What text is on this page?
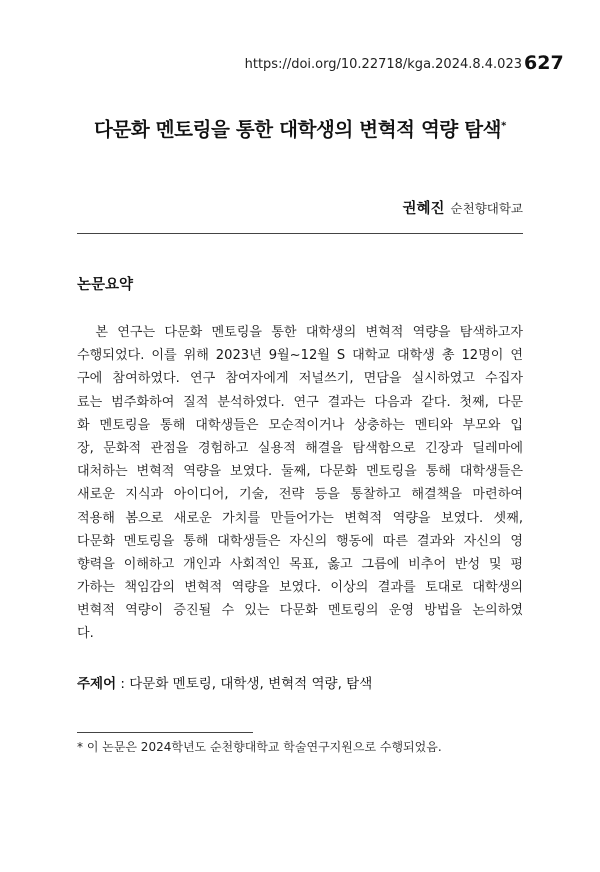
https://doi.org/10.22718/kga.2024.8.4.023 627
다문화 멘토링을 통한 대학생의 변혁적 역량 탐색*
권혜진 순천향대학교
논문요약
본 연구는 다문화 멘토링을 통한 대학생의 변혁적 역량을 탐색하고자
수행되었다. 이를 위해 2023년 9월~12월 S 대학교 대학생 총 12명이 연
구에 참여하였다. 연구 참여자에게 저널쓰기, 면담을 실시하였고 수집자
료는 범주화하여 질적 분석하였다. 연구 결과는 다음과 같다. 첫째, 다문
화 멘토링을 통해 대학생들은 모순적이거나 상충하는 멘티와 부모와 입
장, 문화적 관점을 경험하고 실용적 해결을 탐색함으로 긴장과 딜레마에
대처하는 변혁적 역량을 보였다. 둘째, 다문화 멘토링을 통해 대학생들은
새로운 지식과 아이디어, 기술, 전략 등을 통찰하고 해결책을 마련하여
적용해 봄으로 새로운 가치를 만들어가는 변혁적 역량을 보였다. 셋째,
다문화 멘토링을 통해 대학생들은 자신의 행동에 따른 결과와 자신의 영
향력을 이해하고 개인과 사회적인 목표, 옳고 그름에 비추어 반성 및 평
가하는 책임감의 변혁적 역량을 보였다. 이상의 결과를 토대로 대학생의
변혁적 역량이 증진될 수 있는 다문화 멘토링의 운영 방법을 논의하였
다.
주제어 : 다문화 멘토링, 대학생, 변혁적 역량, 탐색
* 이 논문은 2024학년도 순천향대학교 학술연구지원으로 수행되었음.
